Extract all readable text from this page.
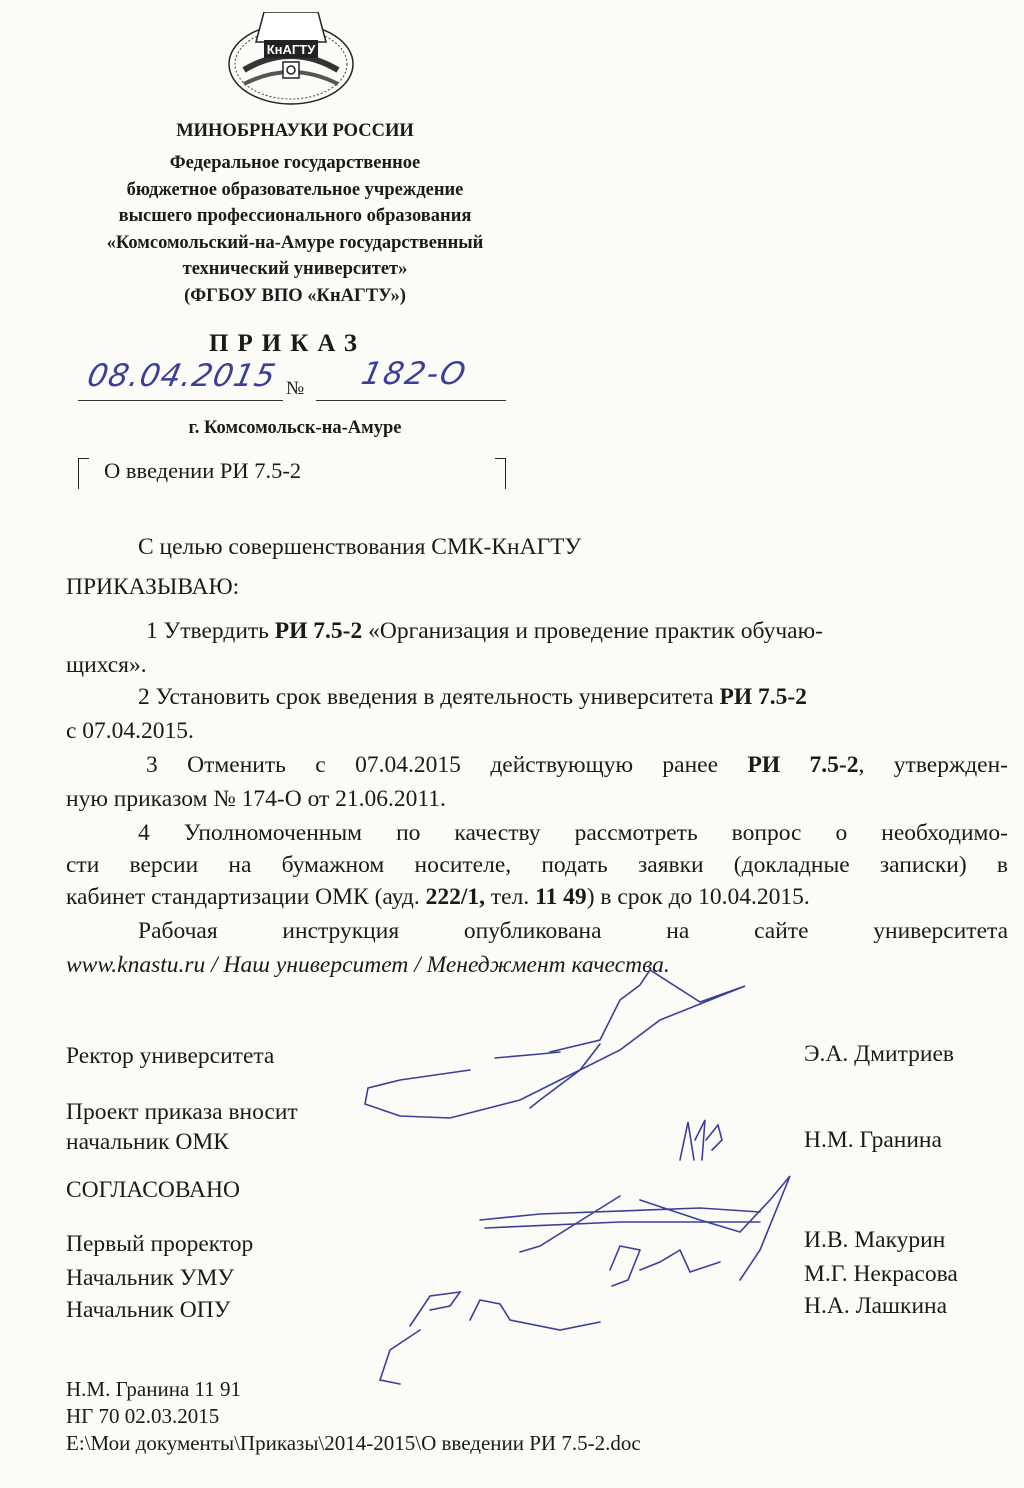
КнАГТУ
МИНОБРНАУКИ РОССИИ
Федеральное государственное
бюджетное образовательное учреждение
высшего профессионального образования
«Комсомольский-на-Амуре государственный
технический университет»
(ФГБОУ ВПО «КнАГТУ»)
ПРИКАЗ
08.04.2015 № 182-О
г. Комсомольск-на-Амуре
О введении РИ 7.5-2
С целью совершенствования СМК-КнАГТУ
ПРИКАЗЫВАЮ:
1 Утвердить РИ 7.5-2 «Организация и проведение практик обучаю-
щихся».
2 Установить срок введения в деятельность университета РИ 7.5-2
с 07.04.2015.
3 Отменить с 07.04.2015 действующую ранее РИ 7.5-2, утвержден-
ную приказом № 174-О от 21.06.2011.
4 Уполномоченным по качеству рассмотреть вопрос о необходимо-
сти версии на бумажном носителе, подать заявки (докладные записки) в
кабинет стандартизации ОМК (ауд. 222/1, тел. 11 49) в срок до 10.04.2015.
Рабочая инструкция опубликована на сайте университета
www.knastu.ru / Наш университет / Менеджмент качества.
Ректор университета	Э.А. Дмитриев
Проект приказа вносит
начальник ОМК	Н.М. Гранина
СОГЛАСОВАНО
Первый проректор	И.В. Макурин
Начальник УМУ	М.Г. Некрасова
Начальник ОПУ	Н.А. Лашкина
Н.М. Гранина 11 91
НГ 70 02.03.2015
E:\Мои документы\Приказы\2014-2015\О введении РИ 7.5-2.doc
